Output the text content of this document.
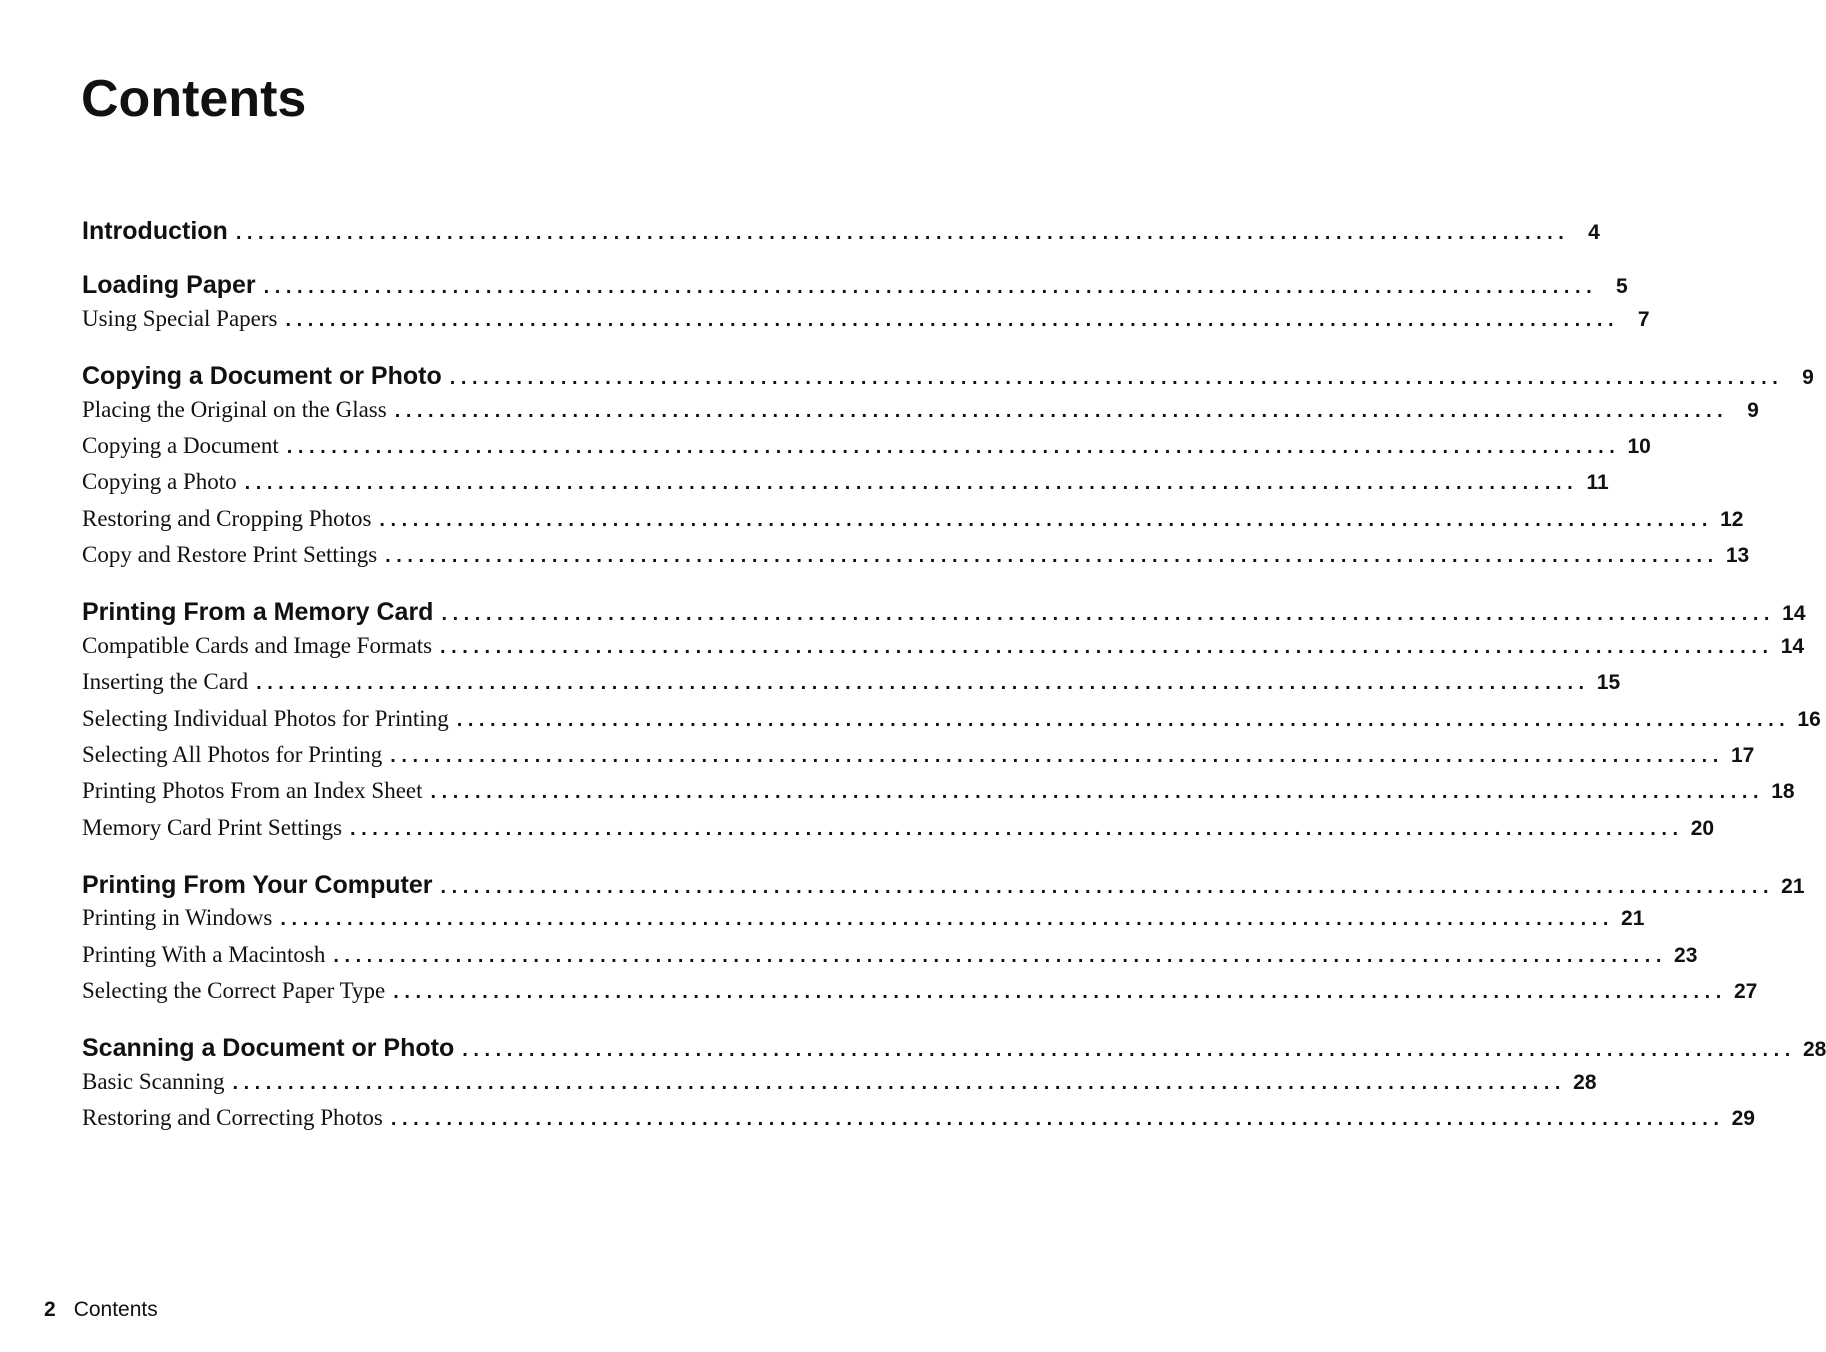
Contents
Introduction . . . . . . . . . . . . . . . . . . . . . . . . . . . . . . . . . . . . . . . . . . . . . . . . . . . . . . . . . . . . . . . . . . . . . . . . . . . . . . . . . . . . . . . . . . . . . . . . . . . . . . . . . . . . . . . . . . . . . . . .	4
Loading Paper . . . . . . . . . . . . . . . . . . . . . . . . . . . . . . . . . . . . . . . . . . . . . . . . . . . . . . . . . . . . . . . . . . . . . . . . . . . . . . . . . . . . . . . . . . . . . . . . . . . . . . . . . . . . . . . . . . . . . . . .	5
Using Special Papers . . . . . . . . . . . . . . . . . . . . . . . . . . . . . . . . . . . . . . . . . . . . . . . . . . . . . . . . . . . . . . . . . . . . . . . . . . . . . . . . . . . . . . . . . . . . . . . . . . . . . . . . . . . . . . . . . . . . . . . .	7
Copying a Document or Photo . . . . . . . . . . . . . . . . . . . . . . . . . . . . . . . . . . . . . . . . . . . . . . . . . . . . . . . . . . . . . . . . . . . . . . . . . . . . . . . . . . . . . . . . . . . . . . . . . . . . . . . . . . . . . . . . . . . . . . . .	9
Placing the Original on the Glass . . . . . . . . . . . . . . . . . . . . . . . . . . . . . . . . . . . . . . . . . . . . . . . . . . . . . . . . . . . . . . . . . . . . . . . . . . . . . . . . . . . . . . . . . . . . . . . . . . . . . . . . . . . . . . . . . . . . . . . .	9
Copying a Document . . . . . . . . . . . . . . . . . . . . . . . . . . . . . . . . . . . . . . . . . . . . . . . . . . . . . . . . . . . . . . . . . . . . . . . . . . . . . . . . . . . . . . . . . . . . . . . . . . . . . . . . . . . . . . . . . . . . . . . . 10
Copying a Photo . . . . . . . . . . . . . . . . . . . . . . . . . . . . . . . . . . . . . . . . . . . . . . . . . . . . . . . . . . . . . . . . . . . . . . . . . . . . . . . . . . . . . . . . . . . . . . . . . . . . . . . . . . . . . . . . . . . . . . . . 11
Restoring and Cropping Photos . . . . . . . . . . . . . . . . . . . . . . . . . . . . . . . . . . . . . . . . . . . . . . . . . . . . . . . . . . . . . . . . . . . . . . . . . . . . . . . . . . . . . . . . . . . . . . . . . . . . . . . . . . . . . . . . . . . . . . . . 12
Copy and Restore Print Settings . . . . . . . . . . . . . . . . . . . . . . . . . . . . . . . . . . . . . . . . . . . . . . . . . . . . . . . . . . . . . . . . . . . . . . . . . . . . . . . . . . . . . . . . . . . . . . . . . . . . . . . . . . . . . . . . . . . . . . . . 13
Printing From a Memory Card . . . . . . . . . . . . . . . . . . . . . . . . . . . . . . . . . . . . . . . . . . . . . . . . . . . . . . . . . . . . . . . . . . . . . . . . . . . . . . . . . . . . . . . . . . . . . . . . . . . . . . . . . . . . . . . . . . . . . . . . 14
Compatible Cards and Image Formats . . . . . . . . . . . . . . . . . . . . . . . . . . . . . . . . . . . . . . . . . . . . . . . . . . . . . . . . . . . . . . . . . . . . . . . . . . . . . . . . . . . . . . . . . . . . . . . . . . . . . . . . . . . . . . . . . . . . . . . . 14
Inserting the Card . . . . . . . . . . . . . . . . . . . . . . . . . . . . . . . . . . . . . . . . . . . . . . . . . . . . . . . . . . . . . . . . . . . . . . . . . . . . . . . . . . . . . . . . . . . . . . . . . . . . . . . . . . . . . . . . . . . . . . . . 15
Selecting Individual Photos for Printing . . . . . . . . . . . . . . . . . . . . . . . . . . . . . . . . . . . . . . . . . . . . . . . . . . . . . . . . . . . . . . . . . . . . . . . . . . . . . . . . . . . . . . . . . . . . . . . . . . . . . . . . . . . . . . . . . . . . . . . . 16
Selecting All Photos for Printing . . . . . . . . . . . . . . . . . . . . . . . . . . . . . . . . . . . . . . . . . . . . . . . . . . . . . . . . . . . . . . . . . . . . . . . . . . . . . . . . . . . . . . . . . . . . . . . . . . . . . . . . . . . . . . . . . . . . . . . . 17
Printing Photos From an Index Sheet . . . . . . . . . . . . . . . . . . . . . . . . . . . . . . . . . . . . . . . . . . . . . . . . . . . . . . . . . . . . . . . . . . . . . . . . . . . . . . . . . . . . . . . . . . . . . . . . . . . . . . . . . . . . . . . . . . . . . . . . 18
Memory Card Print Settings . . . . . . . . . . . . . . . . . . . . . . . . . . . . . . . . . . . . . . . . . . . . . . . . . . . . . . . . . . . . . . . . . . . . . . . . . . . . . . . . . . . . . . . . . . . . . . . . . . . . . . . . . . . . . . . . . . . . . . . . 20
Printing From Your Computer . . . . . . . . . . . . . . . . . . . . . . . . . . . . . . . . . . . . . . . . . . . . . . . . . . . . . . . . . . . . . . . . . . . . . . . . . . . . . . . . . . . . . . . . . . . . . . . . . . . . . . . . . . . . . . . . . . . . . . . . 21
Printing in Windows . . . . . . . . . . . . . . . . . . . . . . . . . . . . . . . . . . . . . . . . . . . . . . . . . . . . . . . . . . . . . . . . . . . . . . . . . . . . . . . . . . . . . . . . . . . . . . . . . . . . . . . . . . . . . . . . . . . . . . . . 21
Printing With a Macintosh . . . . . . . . . . . . . . . . . . . . . . . . . . . . . . . . . . . . . . . . . . . . . . . . . . . . . . . . . . . . . . . . . . . . . . . . . . . . . . . . . . . . . . . . . . . . . . . . . . . . . . . . . . . . . . . . . . . . . . . . 23
Selecting the Correct Paper Type . . . . . . . . . . . . . . . . . . . . . . . . . . . . . . . . . . . . . . . . . . . . . . . . . . . . . . . . . . . . . . . . . . . . . . . . . . . . . . . . . . . . . . . . . . . . . . . . . . . . . . . . . . . . . . . . . . . . . . . . 27
Scanning a Document or Photo . . . . . . . . . . . . . . . . . . . . . . . . . . . . . . . . . . . . . . . . . . . . . . . . . . . . . . . . . . . . . . . . . . . . . . . . . . . . . . . . . . . . . . . . . . . . . . . . . . . . . . . . . . . . . . . . . . . . . . . . 28
Basic Scanning . . . . . . . . . . . . . . . . . . . . . . . . . . . . . . . . . . . . . . . . . . . . . . . . . . . . . . . . . . . . . . . . . . . . . . . . . . . . . . . . . . . . . . . . . . . . . . . . . . . . . . . . . . . . . . . . . . . . . . . . 28
Restoring and Correcting Photos . . . . . . . . . . . . . . . . . . . . . . . . . . . . . . . . . . . . . . . . . . . . . . . . . . . . . . . . . . . . . . . . . . . . . . . . . . . . . . . . . . . . . . . . . . . . . . . . . . . . . . . . . . . . . . . . . . . . . . . . 29
2 Contents
